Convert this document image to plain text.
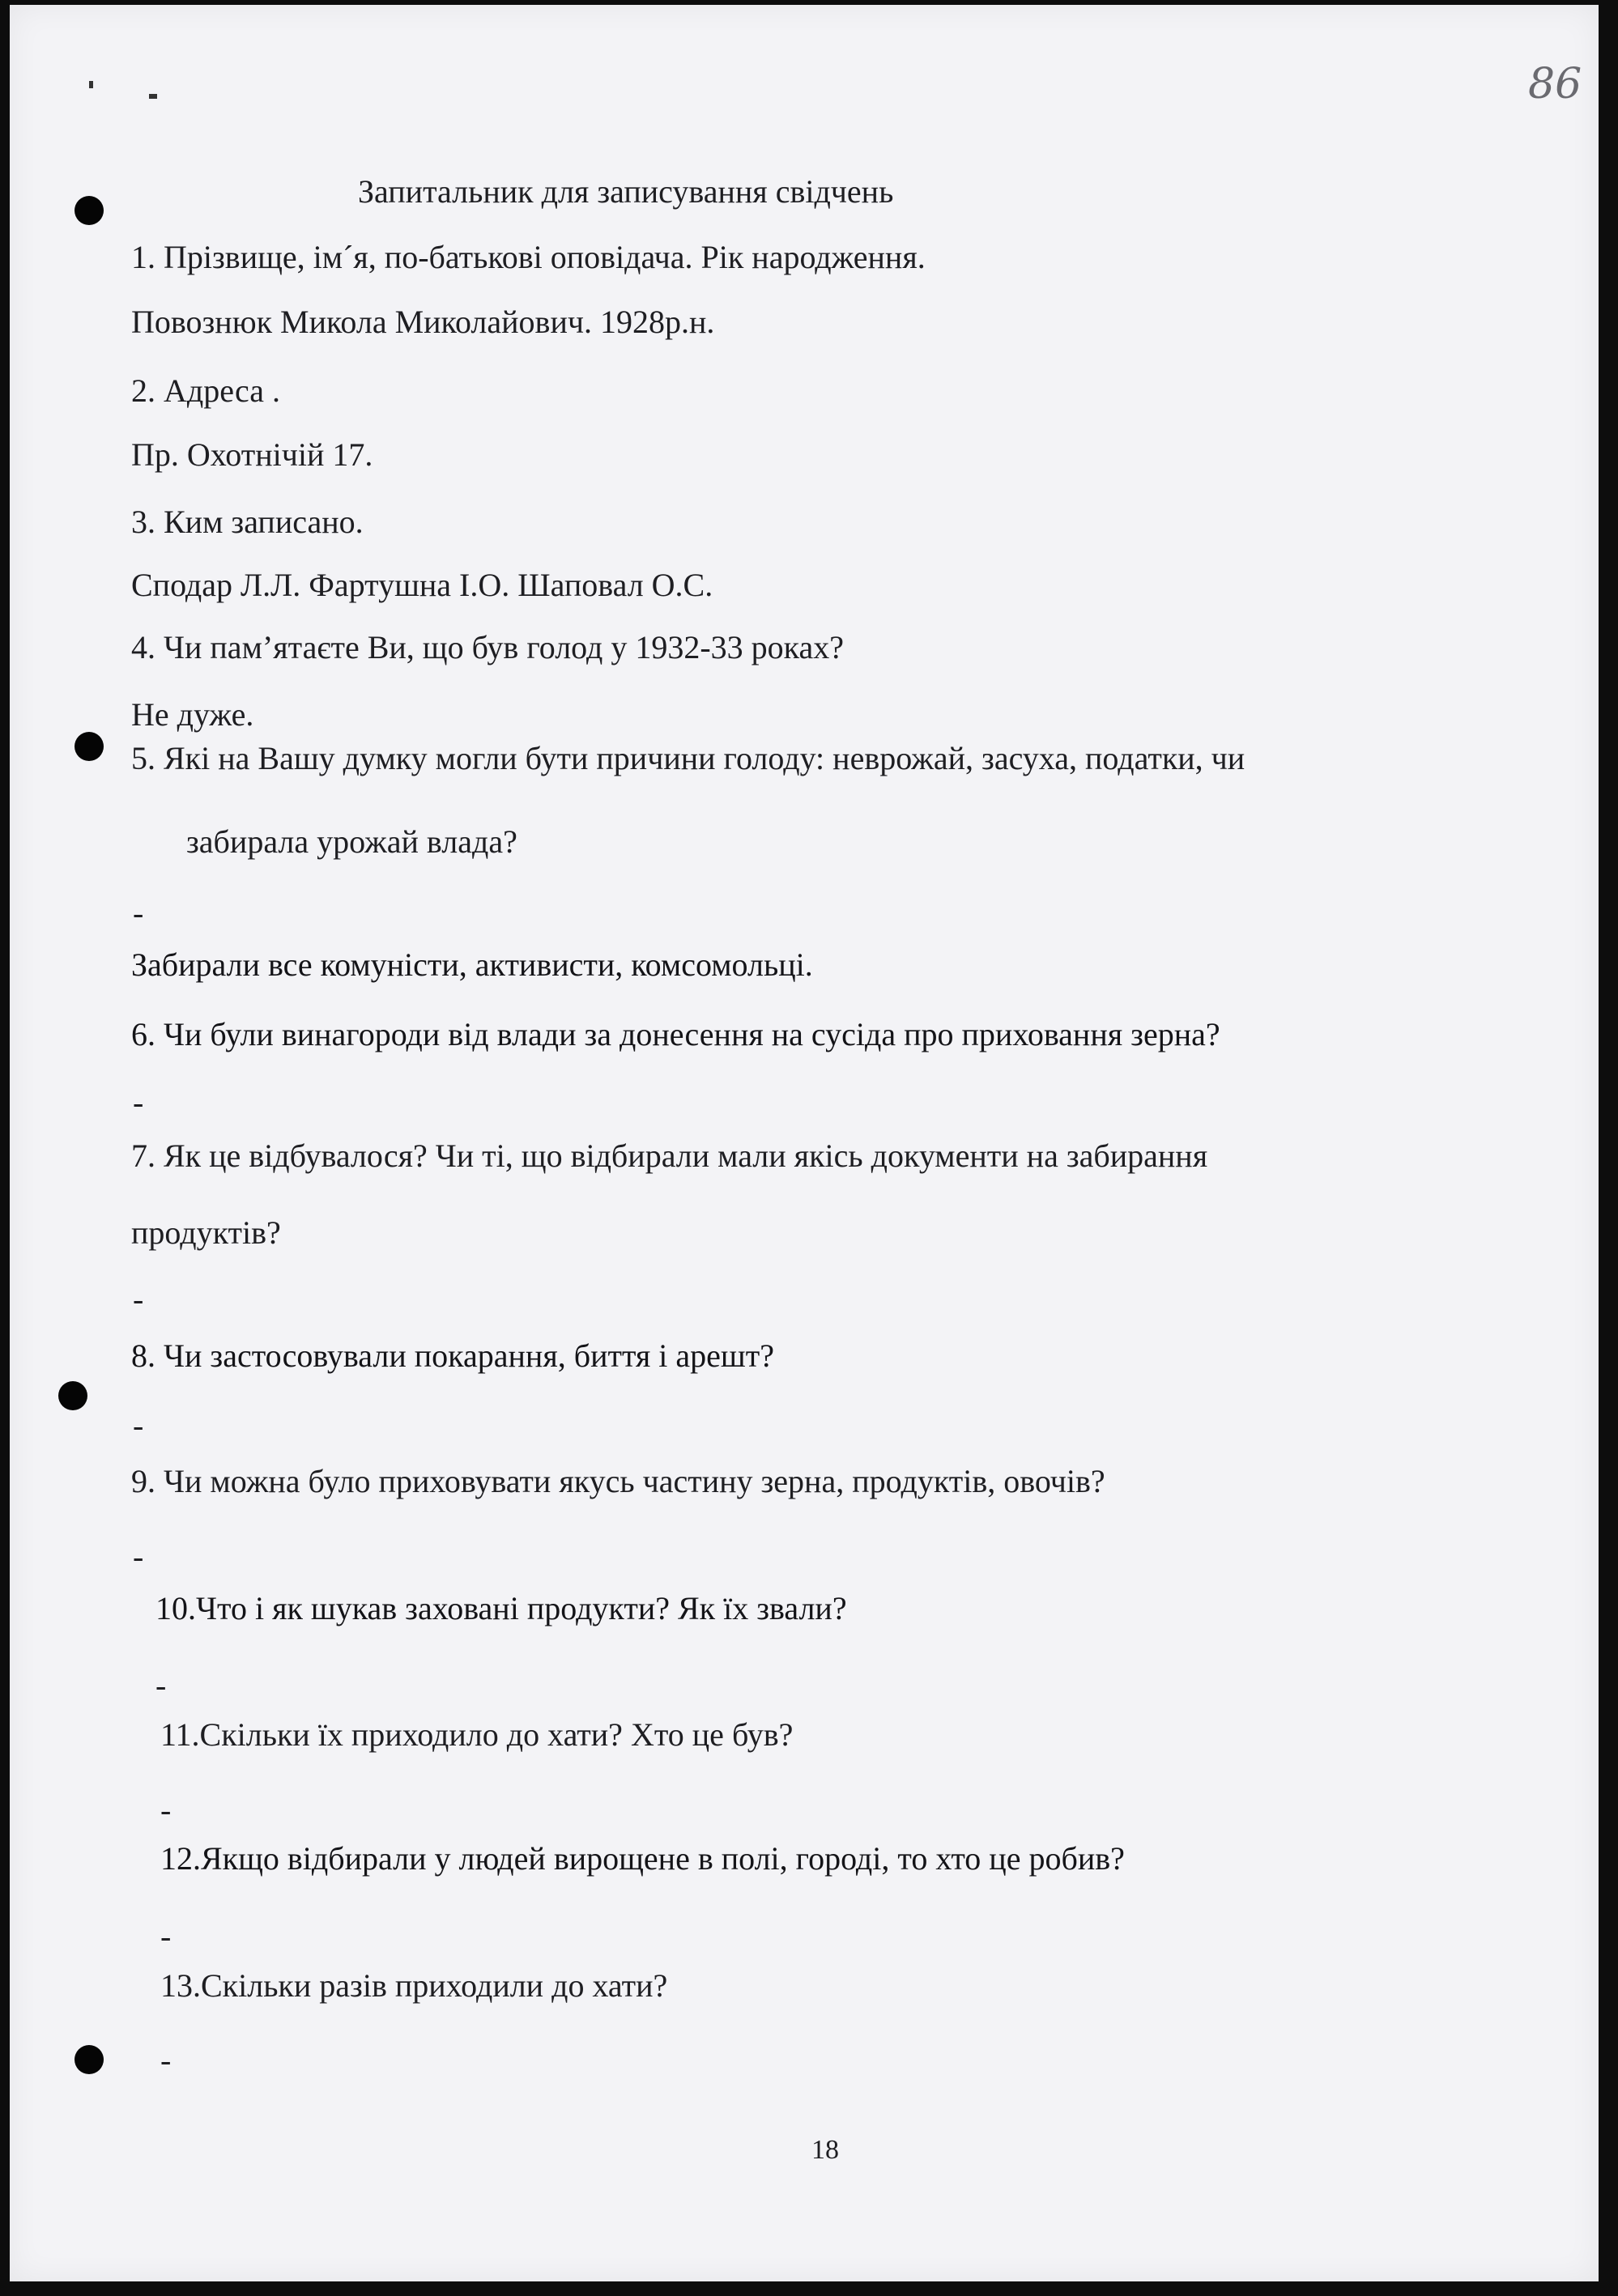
86
Запитальник для записування свідчень
1. Прізвище, ім´я, по-батькові оповідача. Рік народження.
Повознюк Микола Миколайович. 1928р.н.
2. Адреса .
Пр. Охотнічій 17.
3. Ким записано.
Сподар Л.Л. Фартушна І.О. Шаповал О.С.
4. Чи пам’ятаєте Ви, що був голод у 1932-33 роках?
Не дуже.
5. Які на Вашу думку могли бути причини голоду: неврожай, засуха, податки, чи
забирала урожай влада?
-
Забирали все комуністи, активисти, комсомольці.
6. Чи були винагороди від влади за донесення на сусіда про приховання зерна?
-
7. Як це відбувалося? Чи ті, що відбирали мали якісь документи на забирання
продуктів?
-
8. Чи застосовували покарання, биття і арешт?
-
9. Чи можна було приховувати якусь частину зерна, продуктів, овочів?
-
10.Что і як шукав заховані продукти? Як їх звали?
-
11.Скільки їх приходило до хати? Хто це був?
-
12.Якщо відбирали у людей вирощене в полі, городі, то хто це робив?
-
13.Скільки разів приходили до хати?
-
18
